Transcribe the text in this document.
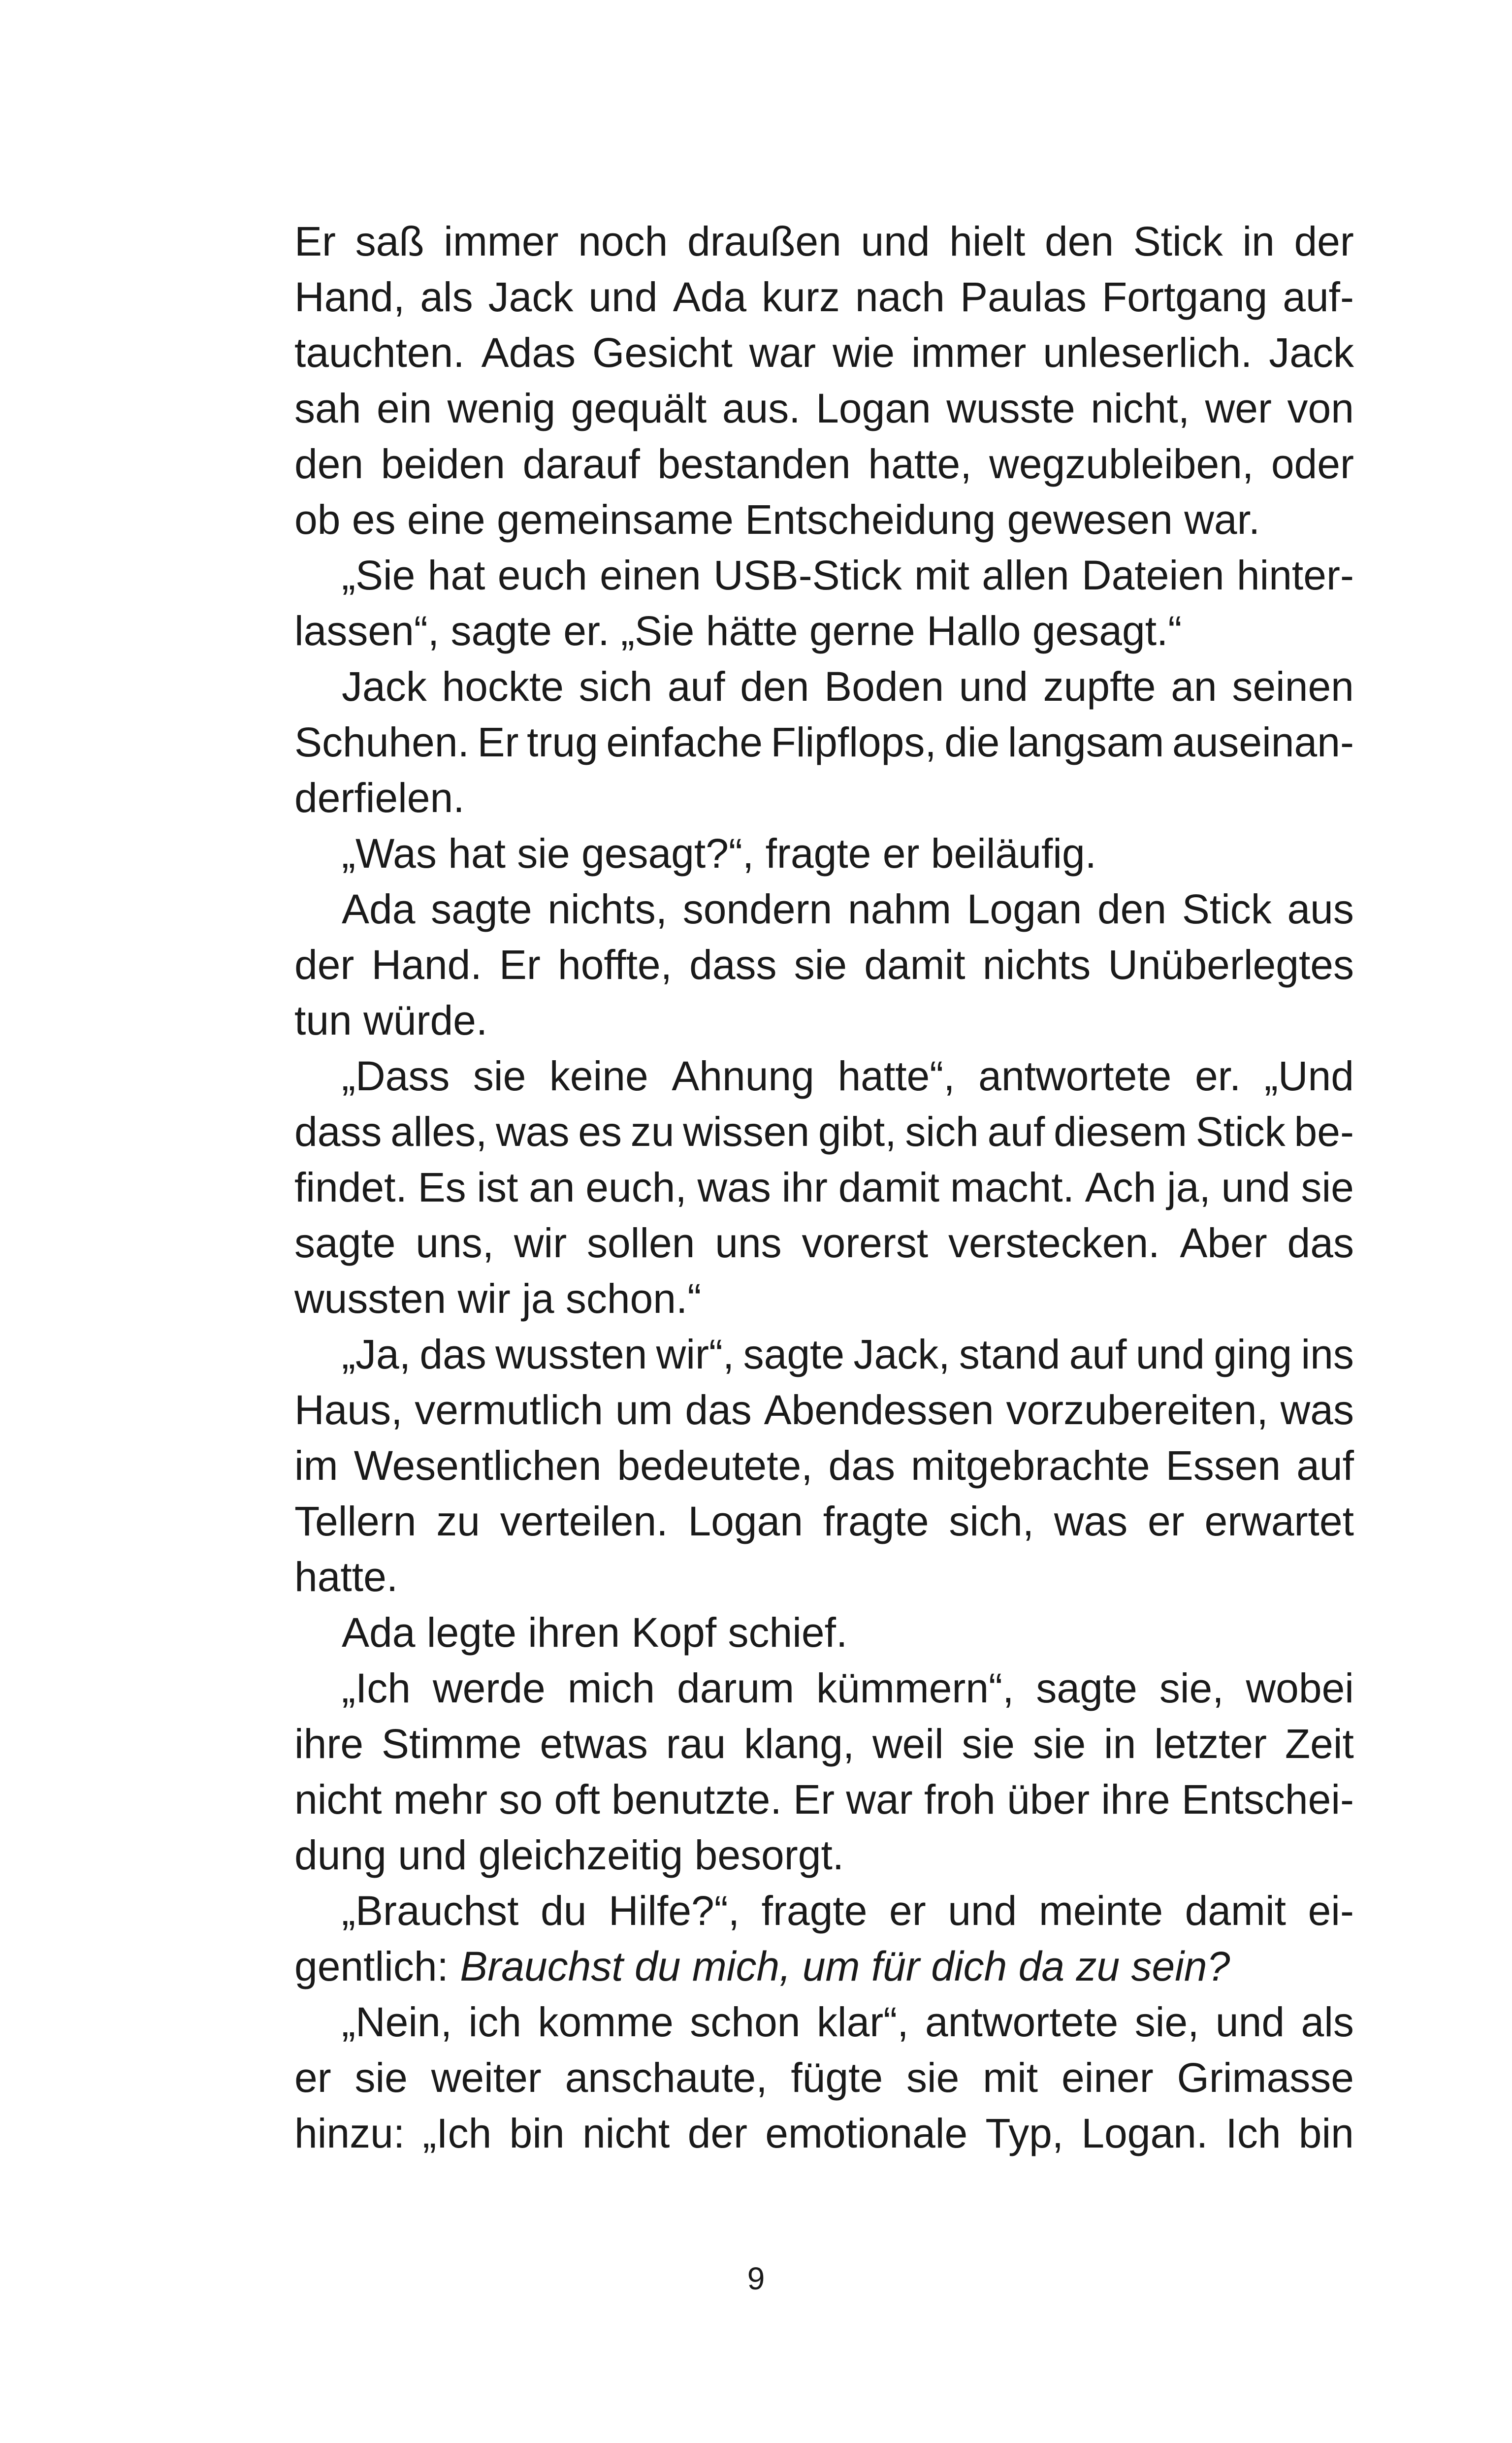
Er saß immer noch draußen und hielt den Stick in der
Hand, als Jack und Ada kurz nach Paulas Fortgang auf-
tauchten. Adas Gesicht war wie immer unleserlich. Jack
sah ein wenig gequält aus. Logan wusste nicht, wer von
den beiden darauf bestanden hatte, wegzubleiben, oder
ob es eine gemeinsame Entscheidung gewesen war.
„Sie hat euch einen USB-Stick mit allen Dateien hinter-
lassen“, sagte er. „Sie hätte gerne Hallo gesagt.“
Jack hockte sich auf den Boden und zupfte an seinen
Schuhen. Er trug einfache Flipflops, die langsam auseinan-
derfielen.
„Was hat sie gesagt?“, fragte er beiläufig.
Ada sagte nichts, sondern nahm Logan den Stick aus
der Hand. Er hoffte, dass sie damit nichts Unüberlegtes
tun würde.
„Dass sie keine Ahnung hatte“, antwortete er. „Und
dass alles, was es zu wissen gibt, sich auf diesem Stick be-
findet. Es ist an euch, was ihr damit macht. Ach ja, und sie
sagte uns, wir sollen uns vorerst verstecken. Aber das
wussten wir ja schon.“
„Ja, das wussten wir“, sagte Jack, stand auf und ging ins
Haus, vermutlich um das Abendessen vorzubereiten, was
im Wesentlichen bedeutete, das mitgebrachte Essen auf
Tellern zu verteilen. Logan fragte sich, was er erwartet
hatte.
Ada legte ihren Kopf schief.
„Ich werde mich darum kümmern“, sagte sie, wobei
ihre Stimme etwas rau klang, weil sie sie in letzter Zeit
nicht mehr so oft benutzte. Er war froh über ihre Entschei-
dung und gleichzeitig besorgt.
„Brauchst du Hilfe?“, fragte er und meinte damit ei-
gentlich: Brauchst du mich, um für dich da zu sein?
„Nein, ich komme schon klar“, antwortete sie, und als
er sie weiter anschaute, fügte sie mit einer Grimasse
hinzu: „Ich bin nicht der emotionale Typ, Logan. Ich bin
9
